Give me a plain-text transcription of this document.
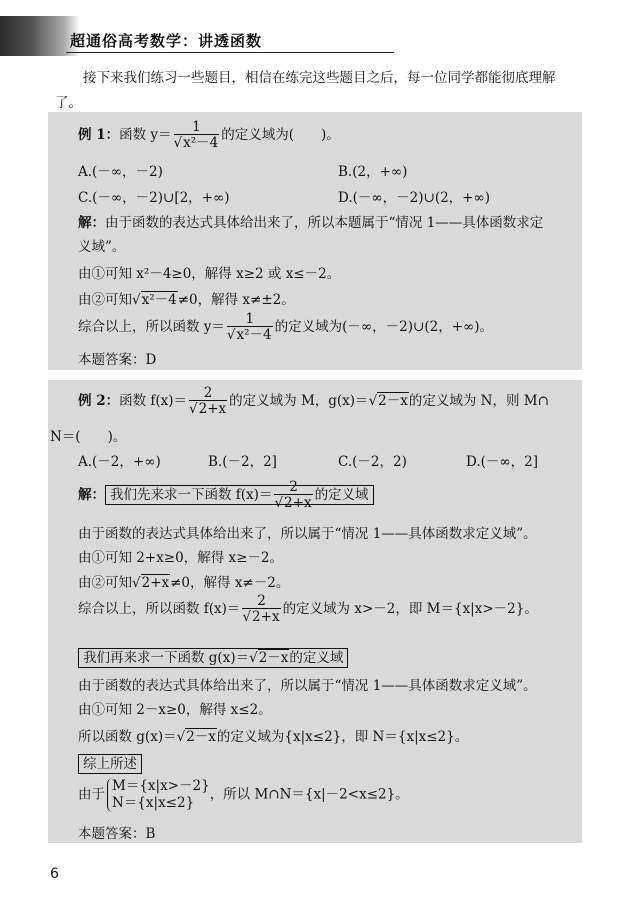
超通俗高考数学：讲透函数
接下来我们练习一些题目，相信在练完这些题目之后，每一位同学都能彻底理解了。
例 1：函数 $y= \frac{1}{\text{√x²－4}}$ 的定义域为(　　)。
A.(－∞，－2)	B.(2，+∞)
C.(－∞，－2)∪[2，+∞)	D.(－∞，－2)∪(2，+∞)
解：由于函数的表达式具体给出来了，所以本题属于“情况 1——具体函数求定
义域”。
由①可知 x²－4≥0，解得 x≥2 或 x≤－2。
由②可知√x²－4≠0，解得 x≠±2。
综合以上，所以函数 $y= \frac{1}{\text{√x²－4}}$ 的定义域为(－∞，－2)∪(2，+∞)。
本题答案：D
例 2：函数 $f(x)= \frac{2}{√2+x}$ 的定义域为 M，g(x)＝√2－x的定义域为 N，则 M∩
N＝(　　)。
A.(－2，+∞)	B.(－2，2]	C.(－2，2)	D.(－∞，2]
解： 我们先来求一下函数 $f(x)= \frac{2}{√2+x}$ 的定义域
由于函数的表达式具体给出来了，所以属于“情况 1——具体函数求定义域”。
由①可知 2+x≥0，解得 x≥－2。
由②可知√2+x≠0，解得 x≠－2。
综合以上，所以函数 $f(x)= \frac{2}{√2+x}$ 的定义域为 x>－2，即 M＝{x|x>－2}。
我们再来求一下函数 g(x)＝√2－x的定义域
由于函数的表达式具体给出来了，所以属于“情况 1——具体函数求定义域”。
由①可知 2－x≥0，解得 x≤2。
所以函数 g(x)＝√2－x的定义域为{x|x≤2}，即 N＝{x|x≤2}。
综上所述
由于
M＝{x|x>－2}
N＝{x|x≤2}
，所以 M∩N＝{x|－2<x≤2}。
本题答案：B
6
